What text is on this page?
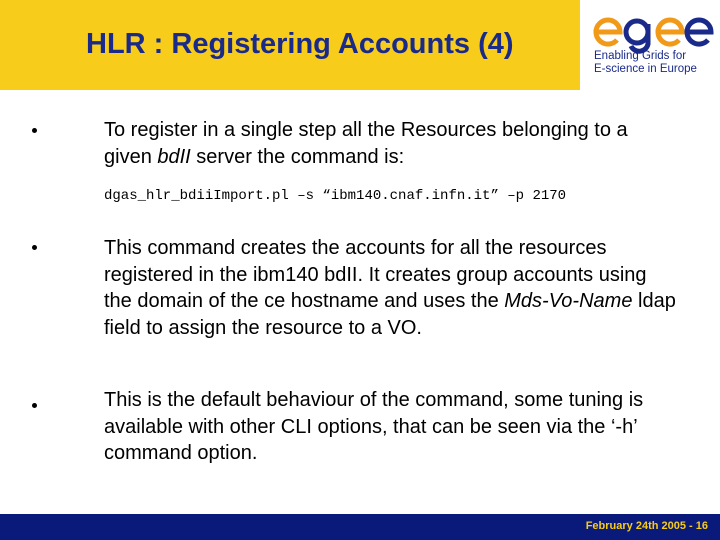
HLR : Registering Accounts (4)	Enabling Grids for
E-science in Europe
To register in a single step all the Resources belonging to a given bdII server the command is:
dgas_hlr_bdiiImport.pl –s “ibm140.cnaf.infn.it” –p 2170
This command creates the accounts for all the resources registered in the ibm140 bdII. It creates group accounts using the domain of the ce hostname and uses the Mds-Vo-Name ldap field to assign the resource to a VO.
This is the default behaviour of the command, some tuning is available with other CLI options, that can be seen via the ‘-h’ command option.
February 24th 2005 - 16
